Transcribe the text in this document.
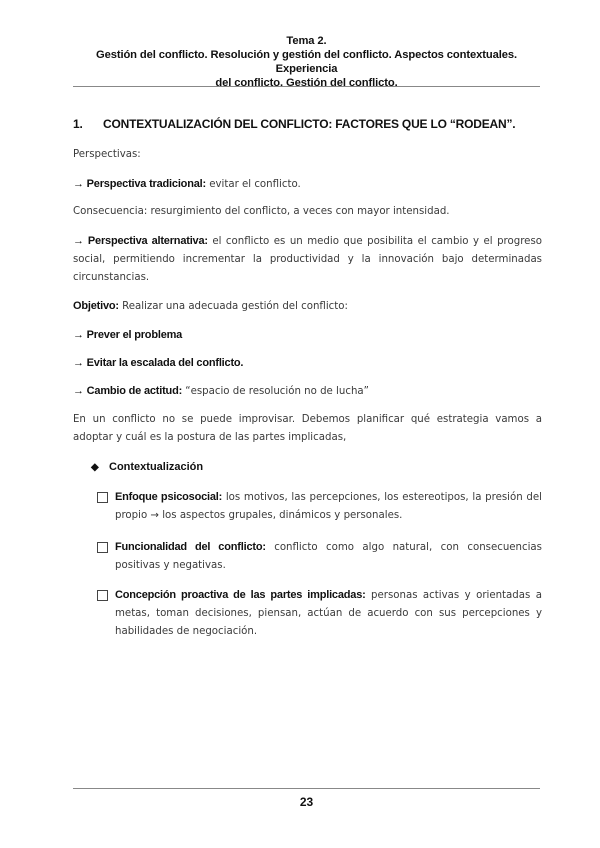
Tema 2.
Gestión del conflicto. Resolución y gestión del conflicto. Aspectos contextuales. Experiencia
del conflicto. Gestión del conflicto.
1. CONTEXTUALIZACIÓN DEL CONFLICTO: FACTORES QUE LO “RODEAN”.
Perspectivas:
→ Perspectiva tradicional: evitar el conflicto.
Consecuencia: resurgimiento del conflicto, a veces con mayor intensidad.
→ Perspectiva alternativa: el conflicto es un medio que posibilita el cambio y el progreso social, permitiendo incrementar la productividad y la innovación bajo determinadas circunstancias.
Objetivo: Realizar una adecuada gestión del conflicto:
→ Prever el problema
→ Evitar la escalada del conflicto.
→ Cambio de actitud: “espacio de resolución no de lucha”
En un conflicto no se puede improvisar. Debemos planificar qué estrategia vamos a adoptar y cuál es la postura de las partes implicadas,
◆ Contextualización
Enfoque psicosocial: los motivos, las percepciones, los estereotipos, la presión del propio → los aspectos grupales, dinámicos y personales.
Funcionalidad del conflicto: conflicto como algo natural, con consecuencias positivas y negativas.
Concepción proactiva de las partes implicadas: personas activas y orientadas a metas, toman decisiones, piensan, actúan de acuerdo con sus percepciones y habilidades de negociación.
23
